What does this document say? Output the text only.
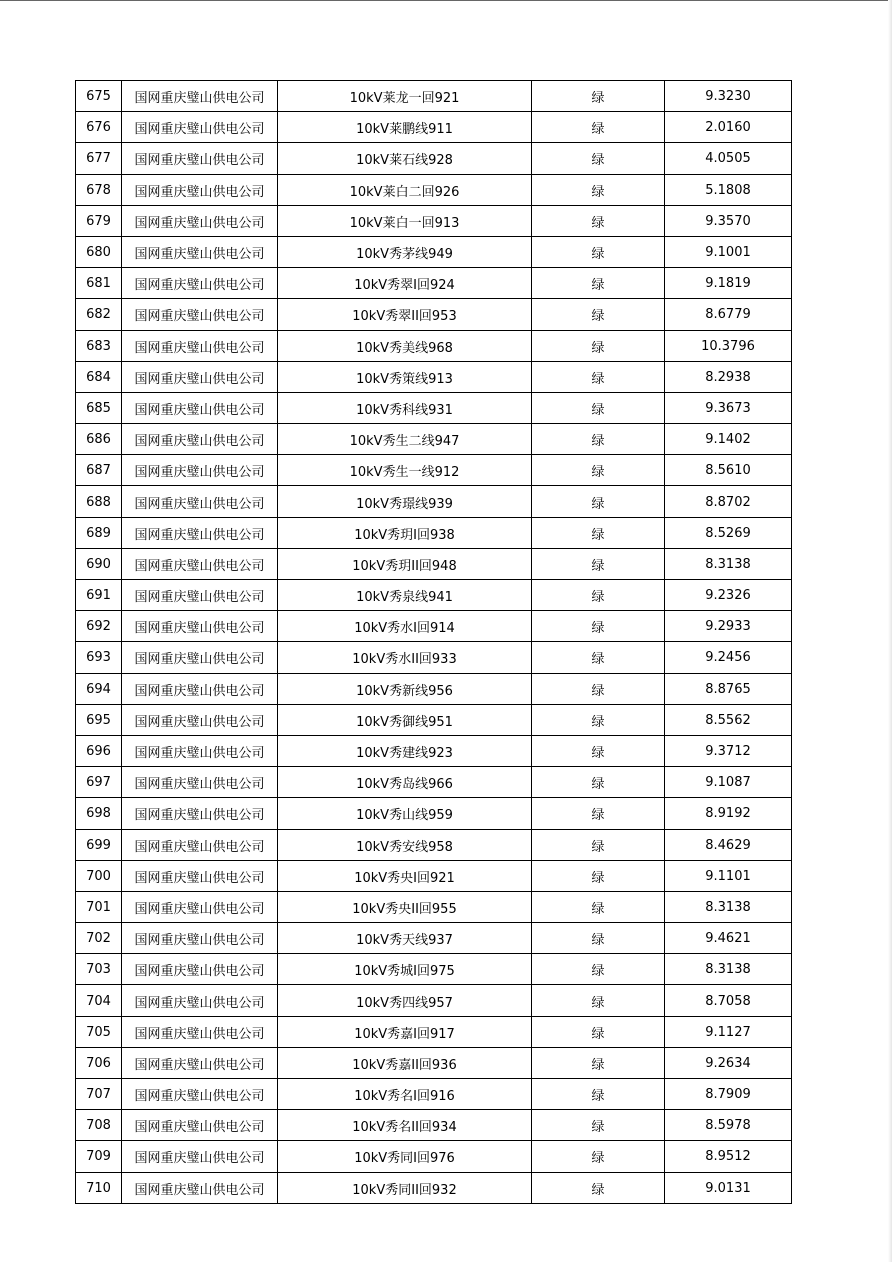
675	国网重庆璧山供电公司	10kV莱龙一回921	绿	9.3230
676	国网重庆璧山供电公司	10kV莱鹏线911	绿	2.0160
677	国网重庆璧山供电公司	10kV莱石线928	绿	4.0505
678	国网重庆璧山供电公司	10kV莱白二回926	绿	5.1808
679	国网重庆璧山供电公司	10kV莱白一回913	绿	9.3570
680	国网重庆璧山供电公司	10kV秀茅线949	绿	9.1001
681	国网重庆璧山供电公司	10kV秀翠I回924	绿	9.1819
682	国网重庆璧山供电公司	10kV秀翠II回953	绿	8.6779
683	国网重庆璧山供电公司	10kV秀美线968	绿	10.3796
684	国网重庆璧山供电公司	10kV秀策线913	绿	8.2938
685	国网重庆璧山供电公司	10kV秀科线931	绿	9.3673
686	国网重庆璧山供电公司	10kV秀生二线947	绿	9.1402
687	国网重庆璧山供电公司	10kV秀生一线912	绿	8.5610
688	国网重庆璧山供电公司	10kV秀璟线939	绿	8.8702
689	国网重庆璧山供电公司	10kV秀玥I回938	绿	8.5269
690	国网重庆璧山供电公司	10kV秀玥II回948	绿	8.3138
691	国网重庆璧山供电公司	10kV秀泉线941	绿	9.2326
692	国网重庆璧山供电公司	10kV秀水I回914	绿	9.2933
693	国网重庆璧山供电公司	10kV秀水II回933	绿	9.2456
694	国网重庆璧山供电公司	10kV秀新线956	绿	8.8765
695	国网重庆璧山供电公司	10kV秀御线951	绿	8.5562
696	国网重庆璧山供电公司	10kV秀建线923	绿	9.3712
697	国网重庆璧山供电公司	10kV秀岛线966	绿	9.1087
698	国网重庆璧山供电公司	10kV秀山线959	绿	8.9192
699	国网重庆璧山供电公司	10kV秀安线958	绿	8.4629
700	国网重庆璧山供电公司	10kV秀央I回921	绿	9.1101
701	国网重庆璧山供电公司	10kV秀央II回955	绿	8.3138
702	国网重庆璧山供电公司	10kV秀天线937	绿	9.4621
703	国网重庆璧山供电公司	10kV秀城I回975	绿	8.3138
704	国网重庆璧山供电公司	10kV秀四线957	绿	8.7058
705	国网重庆璧山供电公司	10kV秀嘉I回917	绿	9.1127
706	国网重庆璧山供电公司	10kV秀嘉II回936	绿	9.2634
707	国网重庆璧山供电公司	10kV秀名I回916	绿	8.7909
708	国网重庆璧山供电公司	10kV秀名II回934	绿	8.5978
709	国网重庆璧山供电公司	10kV秀同I回976	绿	8.9512
710	国网重庆璧山供电公司	10kV秀同II回932	绿	9.0131
